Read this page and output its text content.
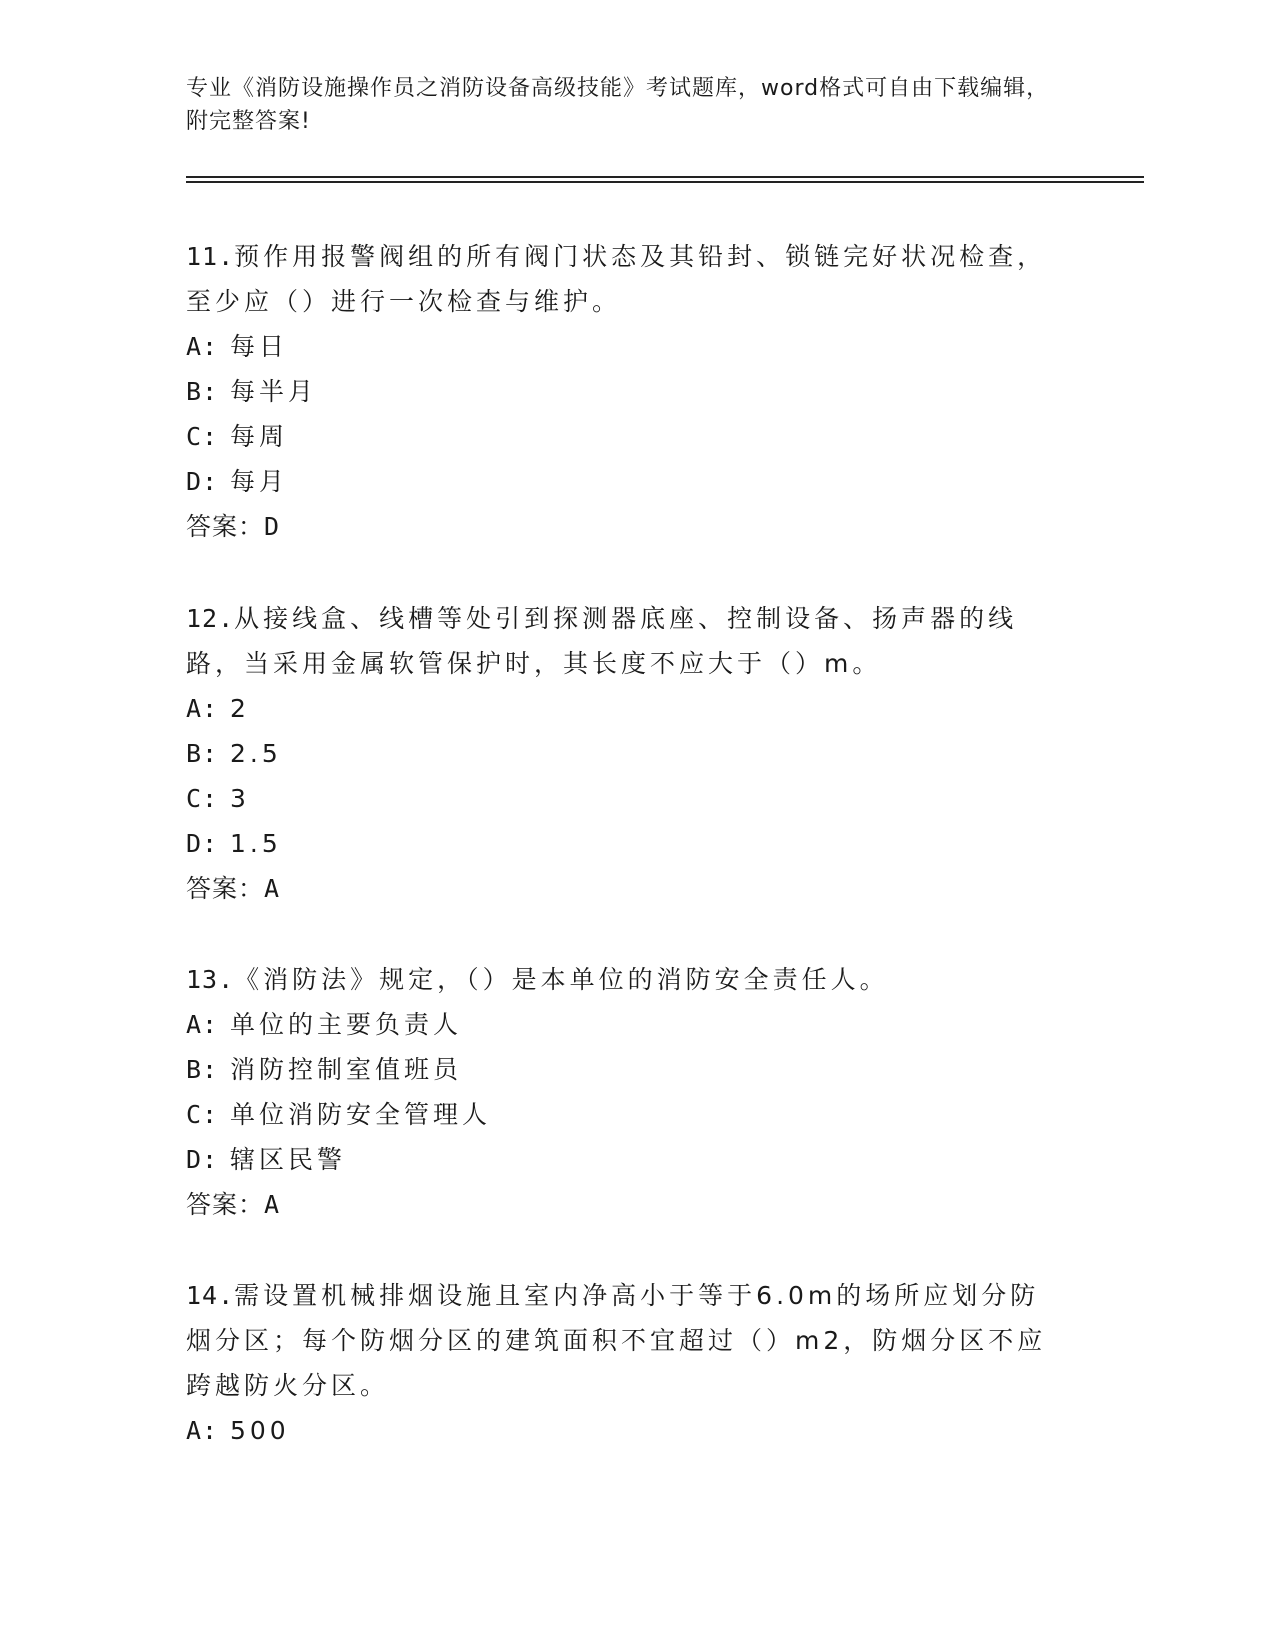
专业《消防设施操作员之消防设备高级技能》考试题库，word格式可自由下载编辑，附完整答案!
11.预作用报警阀组的所有阀门状态及其铅封、锁链完好状况检查，至少应（）进行一次检查与维护。
A: 每日
B: 每半月
C: 每周
D: 每月
答案：D
12.从接线盒、线槽等处引到探测器底座、控制设备、扬声器的线路，当采用金属软管保护时，其长度不应大于（）m。
A: 2
B: 2.5
C: 3
D: 1.5
答案：A
13.《消防法》规定，（）是本单位的消防安全责任人。
A: 单位的主要负责人
B: 消防控制室值班员
C: 单位消防安全管理人
D: 辖区民警
答案：A
14.需设置机械排烟设施且室内净高小于等于6.0m的场所应划分防烟分区；每个防烟分区的建筑面积不宜超过（）m2，防烟分区不应跨越防火分区。
A: 500
